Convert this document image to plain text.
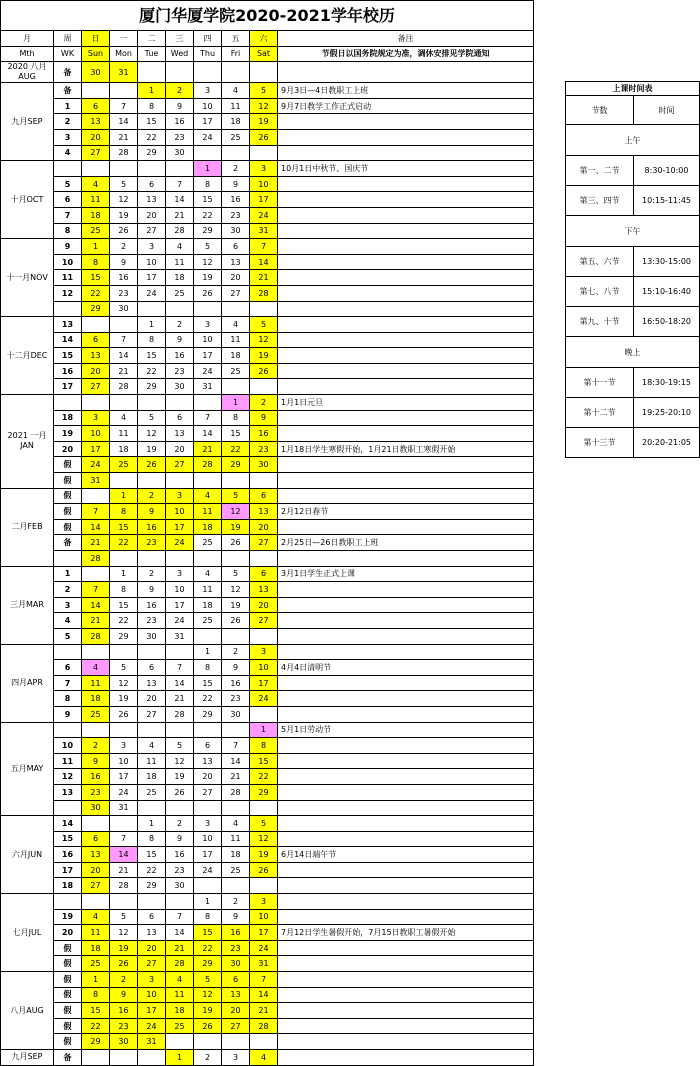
厦门华厦学院2020-2021学年校历									
月	周	日	一	二	三	四	五	六	备注
Mth	WK	Sun	Mon	Tue	Wed	Thu	Fri	Sat	节假日以国务院规定为准，调休安排见学院通知
2020 八月AUG	备	30	31						
九月SEP	备			1	2	3	4	5	9月3日—4日教职工上班
	1	6	7	8	9	10	11	12	9月7日教学工作正式启动
	2	13	14	15	16	17	18	19	
	3	20	21	22	23	24	25	26	
	4	27	28	29	30				
十月OCT						1	2	3	10月1日中秋节、国庆节
	5	4	5	6	7	8	9	10	
	6	11	12	13	14	15	16	17	
	7	18	19	20	21	22	23	24	
	8	25	26	27	28	29	30	31	
十一月NOV	9	1	2	3	4	5	6	7	
	10	8	9	10	11	12	13	14	
	11	15	16	17	18	19	20	21	
	12	22	23	24	25	26	27	28	
		29	30						
十二月DEC	13			1	2	3	4	5	
	14	6	7	8	9	10	11	12	
	15	13	14	15	16	17	18	19	
	16	20	21	22	23	24	25	26	
	17	27	28	29	30	31			
2021 一月JAN							1	2	1月1日元旦
	18	3	4	5	6	7	8	9	
	19	10	11	12	13	14	15	16	
	20	17	18	19	20	21	22	23	1月18日学生寒假开始，1月21日教职工寒假开始
	假	24	25	26	27	28	29	30	
	假	31							
二月FEB	假		1	2	3	4	5	6	
	假	7	8	9	10	11	12	13	2月12日春节
	假	14	15	16	17	18	19	20	
	备	21	22	23	24	25	26	27	2月25日—26日教职工上班
		28							
三月MAR	1		1	2	3	4	5	6	3月1日学生正式上课
	2	7	8	9	10	11	12	13	
	3	14	15	16	17	18	19	20	
	4	21	22	23	24	25	26	27	
	5	28	29	30	31				
四月APR						1	2	3	
	6	4	5	6	7	8	9	10	4月4日清明节
	7	11	12	13	14	15	16	17	
	8	18	19	20	21	22	23	24	
	9	25	26	27	28	29	30		
五月MAY								1	5月1日劳动节
	10	2	3	4	5	6	7	8	
	11	9	10	11	12	13	14	15	
	12	16	17	18	19	20	21	22	
	13	23	24	25	26	27	28	29	
		30	31						
六月JUN	14			1	2	3	4	5	
	15	6	7	8	9	10	11	12	
	16	13	14	15	16	17	18	19	6月14日端午节
	17	20	21	22	23	24	25	26	
	18	27	28	29	30				
七月JUL						1	2	3	
	19	4	5	6	7	8	9	10	
	20	11	12	13	14	15	16	17	7月12日学生暑假开始，7月15日教职工暑假开始
	假	18	19	20	21	22	23	24	
	假	25	26	27	28	29	30	31	
八月AUG	假	1	2	3	4	5	6	7	
	假	8	9	10	11	12	13	14	
	假	15	16	17	18	19	20	21	
	假	22	23	24	25	26	27	28	
	假	29	30	31					
九月SEP	备				1	2	3	4	
上课时间表	
节数	时间
上午	
第一、二节	8:30-10:00
第三、四节	10:15-11:45
下午	
第五、六节	13:30-15:00
第七、八节	15:10-16:40
第九、十节	16:50-18:20
晚上	
第十一节	18:30-19:15
第十二节	19:25-20:10
第十三节	20:20-21:05
